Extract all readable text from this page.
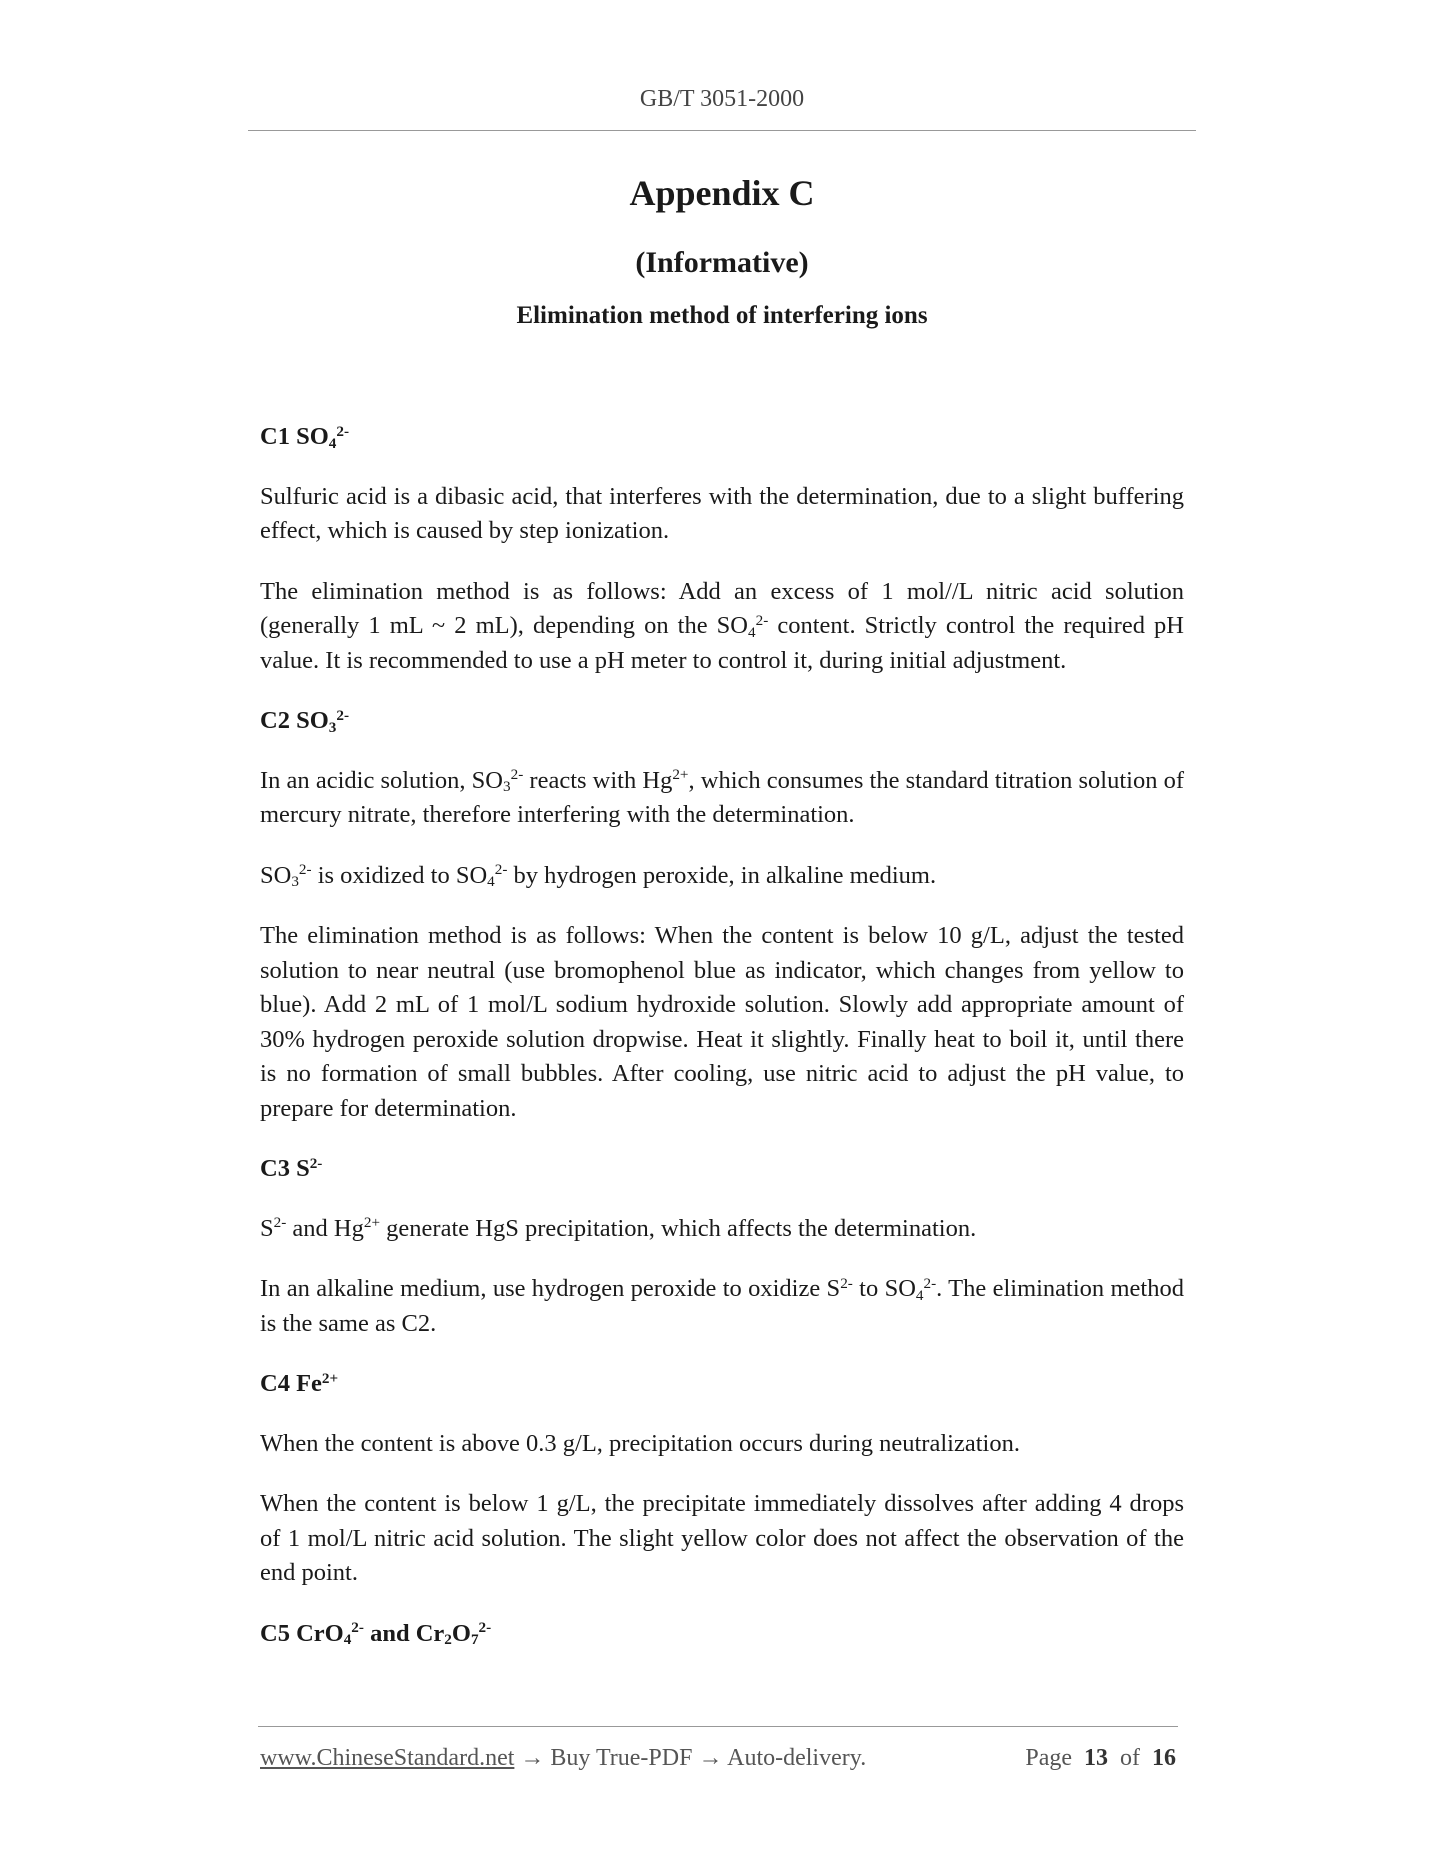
GB/T 3051-2000
Appendix C
(Informative)
Elimination method of interfering ions

C1 $SO_4^{2-}$

Sulfuric acid is a dibasic acid, that interferes with the determination, due to a slight buffering effect, which is caused by step ionization.

The elimination method is as follows: Add an excess of 1 mol//L nitric acid solution (generally 1 mL ~ 2 mL), depending on the $SO_4^{2-}$ content. Strictly control the required pH value. It is recommended to use a pH meter to control it, during initial adjustment.

C2 $SO_3^{2-}$

In an acidic solution, $SO_3^{2-}$ reacts with $Hg^{2+}$, which consumes the standard titration solution of mercury nitrate, therefore interfering with the determination.

$SO_3^{2-}$ is oxidized to $SO_4^{2-}$ by hydrogen peroxide, in alkaline medium.

The elimination method is as follows: When the content is below 10 g/L, adjust the tested solution to near neutral (use bromophenol blue as indicator, which changes from yellow to blue). Add 2 mL of 1 mol/L sodium hydroxide solution. Slowly add appropriate amount of 30% hydrogen peroxide solution dropwise. Heat it slightly. Finally heat to boil it, until there is no formation of small bubbles. After cooling, use nitric acid to adjust the pH value, to prepare for determination.

C3 $S^{2-}$

$S^{2-}$ and $Hg^{2+}$ generate HgS precipitation, which affects the determination.

In an alkaline medium, use hydrogen peroxide to oxidize $S^{2-}$ to $SO_4^{2-}$. The elimination method is the same as C2.

C4 $Fe^{2+}$

When the content is above 0.3 g/L, precipitation occurs during neutralization.

When the content is below 1 g/L, the precipitate immediately dissolves after adding 4 drops of 1 mol/L nitric acid solution. The slight yellow color does not affect the observation of the end point.

C5 CrO$_4^{2-}$ and $Cr_2O_7^{2-}$

www.ChineseStandard.net → Buy True-PDF → Auto-delivery.	Page 13 of 16
